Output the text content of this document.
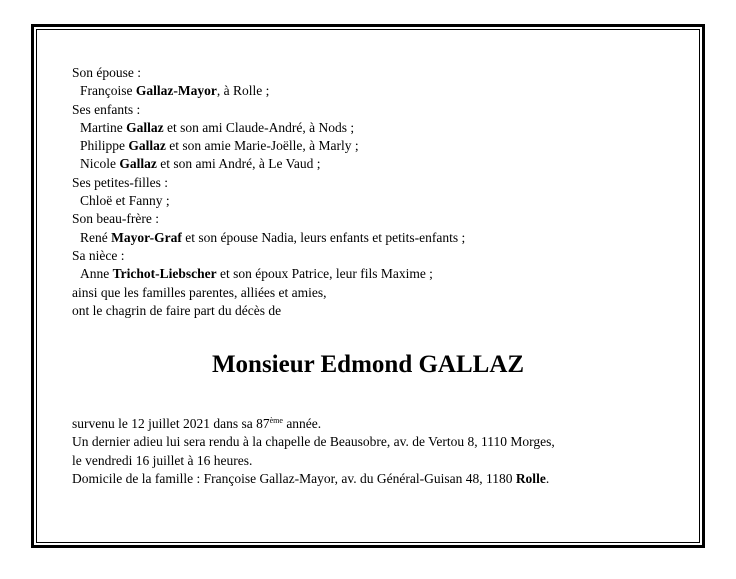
Son épouse :
Françoise Gallaz-Mayor, à Rolle ;
Ses enfants :
Martine Gallaz et son ami Claude-André, à Nods ;
Philippe Gallaz et son amie Marie-Joëlle, à Marly ;
Nicole Gallaz et son ami André, à Le Vaud ;
Ses petites-filles :
Chloë et Fanny ;
Son beau-frère :
René Mayor-Graf et son épouse Nadia, leurs enfants et petits-enfants ;
Sa nièce :
Anne Trichot-Liebscher et son époux Patrice, leur fils Maxime ;
ainsi que les familles parentes, alliées et amies,
ont le chagrin de faire part du décès de
Monsieur Edmond GALLAZ
survenu le 12 juillet 2021 dans sa 87ème année.
Un dernier adieu lui sera rendu à la chapelle de Beausobre, av. de Vertou 8, 1110 Morges,
le vendredi 16 juillet à 16 heures.
Domicile de la famille : Françoise Gallaz-Mayor, av. du Général-Guisan 48, 1180 Rolle.
